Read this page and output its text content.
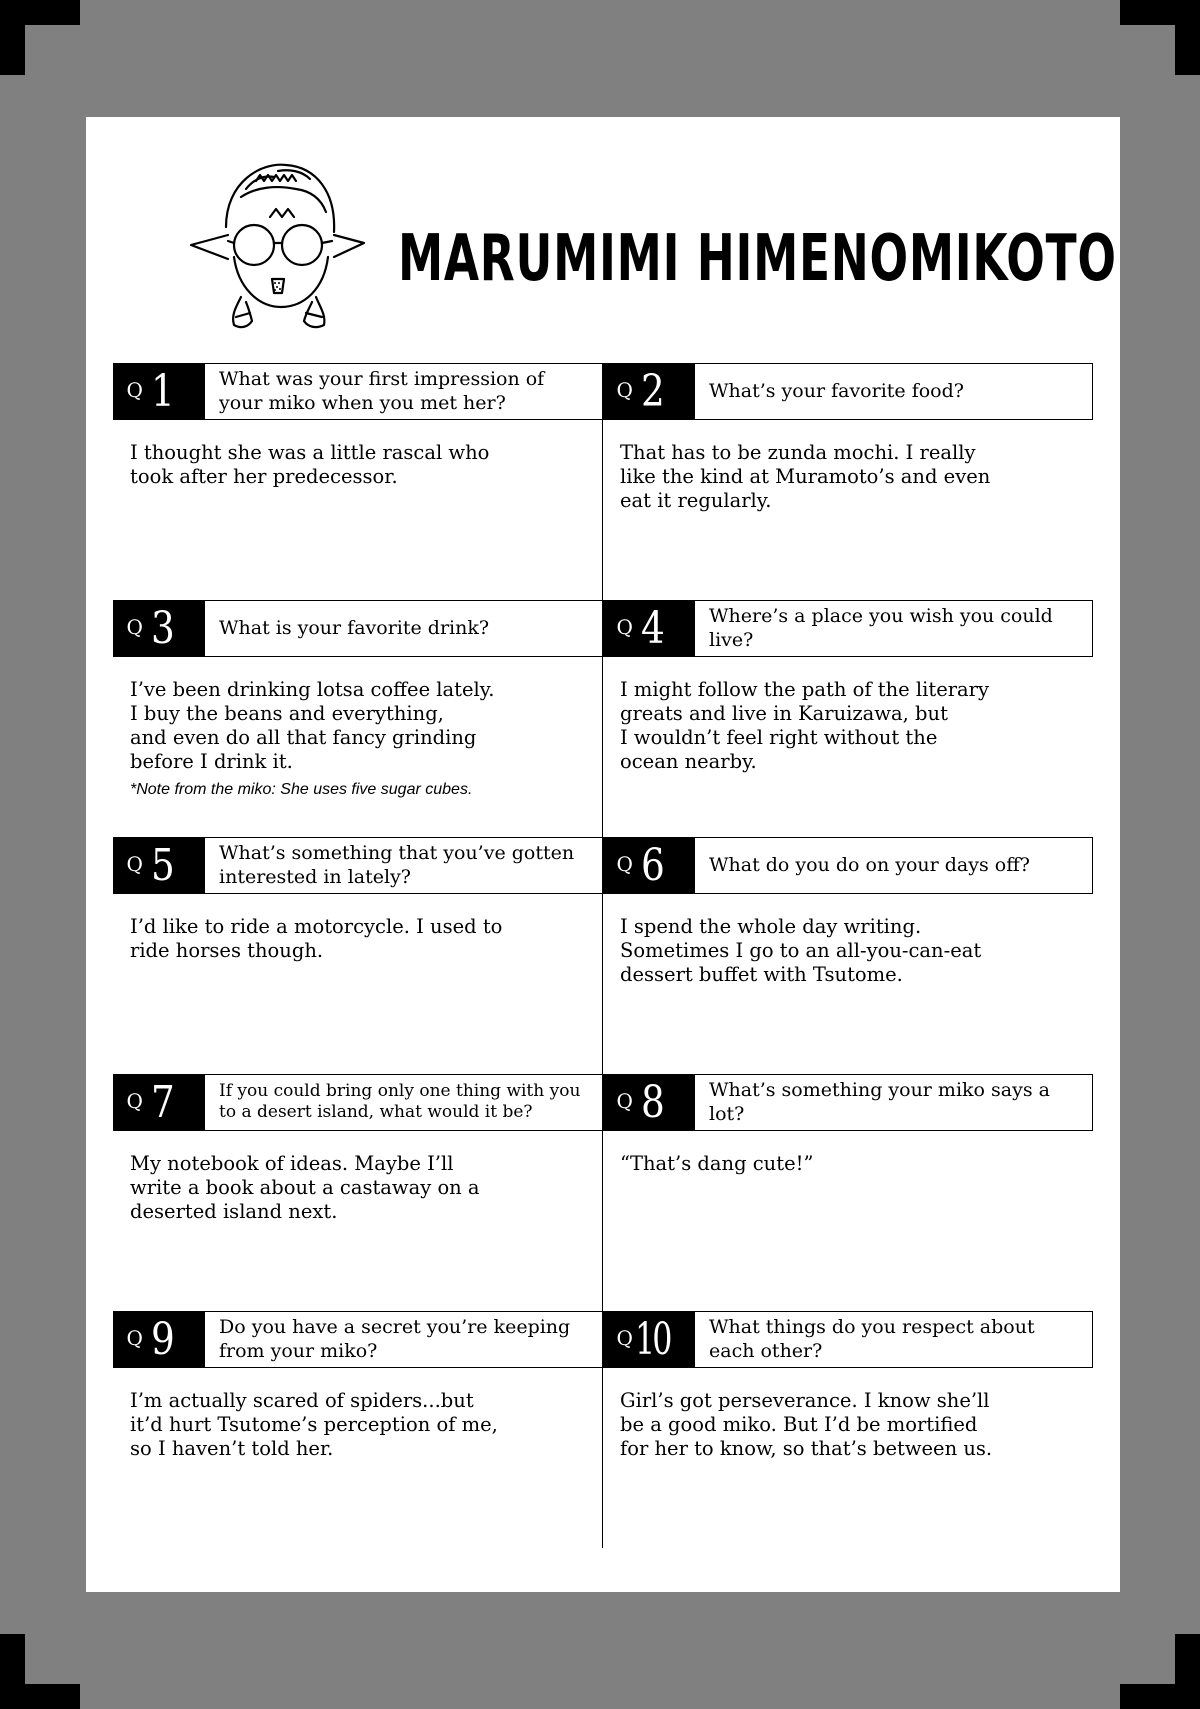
MARUMIMI HIMENOMIKOTO
Q 1 What was your first impression of your miko when you met her?
I thought she was a little rascal who
took after her predecessor.
Q 2 What’s your favorite food?
That has to be zunda mochi. I really
like the kind at Muramoto’s and even
eat it regularly.
Q 3 What is your favorite drink?
I’ve been drinking lotsa coffee lately.
I buy the beans and everything,
and even do all that fancy grinding
before I drink it.
*Note from the miko: She uses five sugar cubes.
Q 4 Where’s a place you wish you could live?
I might follow the path of the literary
greats and live in Karuizawa, but
I wouldn’t feel right without the
ocean nearby.
Q 5 What’s something that you’ve gotten interested in lately?
I’d like to ride a motorcycle. I used to
ride horses though.
Q 6 What do you do on your days off?
I spend the whole day writing.
Sometimes I go to an all-you-can-eat
dessert buffet with Tsutome.
Q 7	If you could bring only one thing with you to a desert island, what would it be?
My notebook of ideas. Maybe I’ll
write a book about a castaway on a
deserted island next.
Q 8 What’s something your miko says a lot?
“That’s dang cute!”
Q 9 Do you have a secret you’re keeping from your miko?
I’m actually scared of spiders...but
it’d hurt Tsutome’s perception of me,
so I haven’t told her.
Q 10 What things do you respect about each other?
Girl’s got perseverance. I know she’ll
be a good miko. But I’d be mortified
for her to know, so that’s between us.
